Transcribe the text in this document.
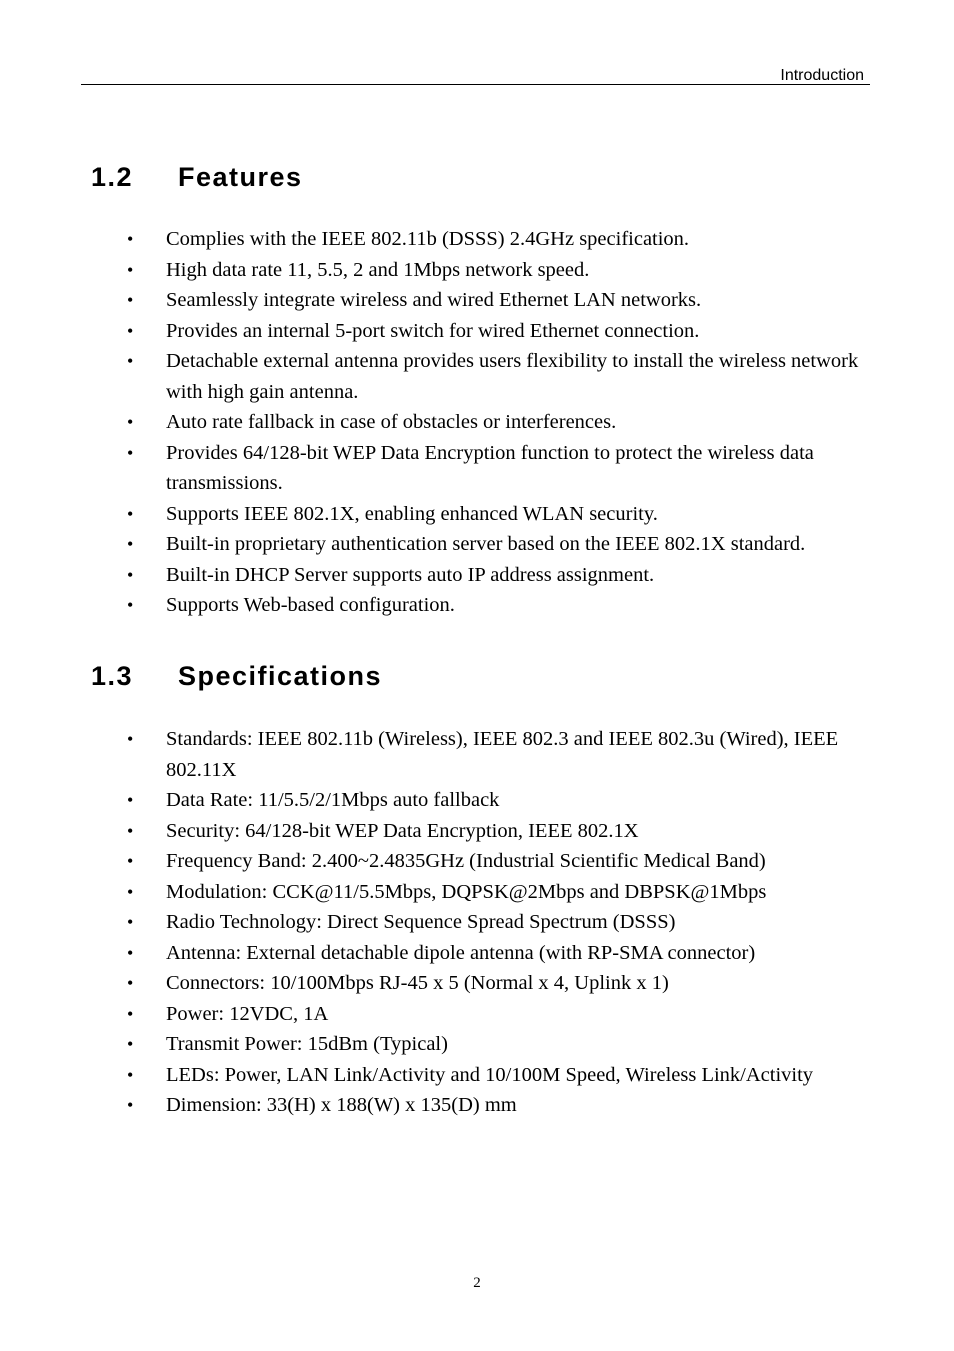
Introduction
1.2 Features
• Complies with the IEEE 802.11b (DSSS) 2.4GHz specification.
• High data rate 11, 5.5, 2 and 1Mbps network speed.
• Seamlessly integrate wireless and wired Ethernet LAN networks.
• Provides an internal 5-port switch for wired Ethernet connection.
• Detachable external antenna provides users flexibility to install the wireless network with high gain antenna.
• Auto rate fallback in case of obstacles or interferences.
• Provides 64/128-bit WEP Data Encryption function to protect the wireless data transmissions.
• Supports IEEE 802.1X, enabling enhanced WLAN security.
• Built-in proprietary authentication server based on the IEEE 802.1X standard.
• Built-in DHCP Server supports auto IP address assignment.
• Supports Web-based configuration.
1.3 Specifications
• Standards: IEEE 802.11b (Wireless), IEEE 802.3 and IEEE 802.3u (Wired), IEEE 802.11X
• Data Rate: 11/5.5/2/1Mbps auto fallback
• Security: 64/128-bit WEP Data Encryption, IEEE 802.1X
• Frequency Band: 2.400~2.4835GHz (Industrial Scientific Medical Band)
• Modulation: CCK@11/5.5Mbps, DQPSK@2Mbps and DBPSK@1Mbps
• Radio Technology: Direct Sequence Spread Spectrum (DSSS)
• Antenna: External detachable dipole antenna (with RP-SMA connector)
• Connectors: 10/100Mbps RJ-45 x 5 (Normal x 4, Uplink x 1)
• Power: 12VDC, 1A
• Transmit Power: 15dBm (Typical)
• LEDs: Power, LAN Link/Activity and 10/100M Speed, Wireless Link/Activity
• Dimension: 33(H) x 188(W) x 135(D) mm
2
